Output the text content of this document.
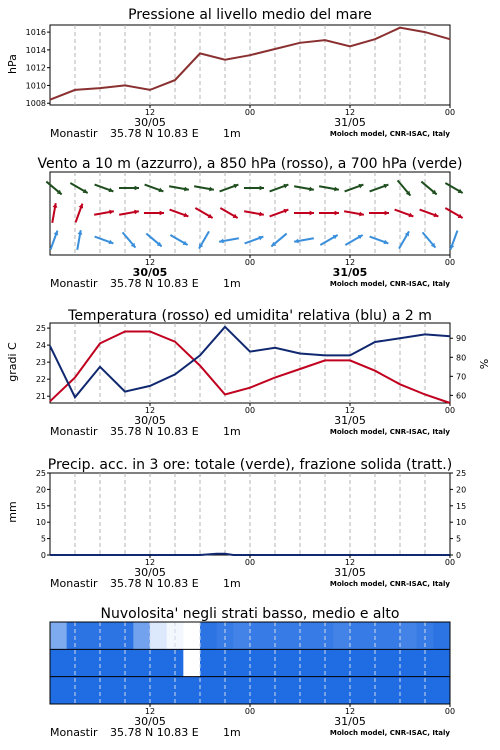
Pressione al livello medio del mare
hPa
1008
1010
1012
1014
1016
12	00	12	00
30/05	31/05
Monastir 35.78 N 10.83 E 1m	Moloch model, CNR-ISAC, Italy
Vento a 10 m (azzurro), a 850 hPa (rosso), a 700 hPa (verde)
12	00	12	00
30/05	31/05
Monastir 35.78 N 10.83 E 1m	Moloch model, CNR-ISAC, Italy
Temperatura (rosso) ed umidita' relativa (blu) a 2 m
gradi C	%
21
22
23
24
25
60
70
80
90
12	00	12	00
30/05	31/05
Monastir 35.78 N 10.83 E 1m	Moloch model, CNR-ISAC, Italy
Precip. acc. in 3 ore: totale (verde), frazione solida (tratt.)
mm
0
5
10
15
20
25
0
5
10
15
20
25
12	00	12	00
30/05	31/05
Monastir 35.78 N 10.83 E 1m	Moloch model, CNR-ISAC, Italy
Nuvolosita' negli strati basso, medio e alto
12	00	12	00
30/05	31/05
Monastir 35.78 N 10.83 E 1m	Moloch model, CNR-ISAC, Italy
